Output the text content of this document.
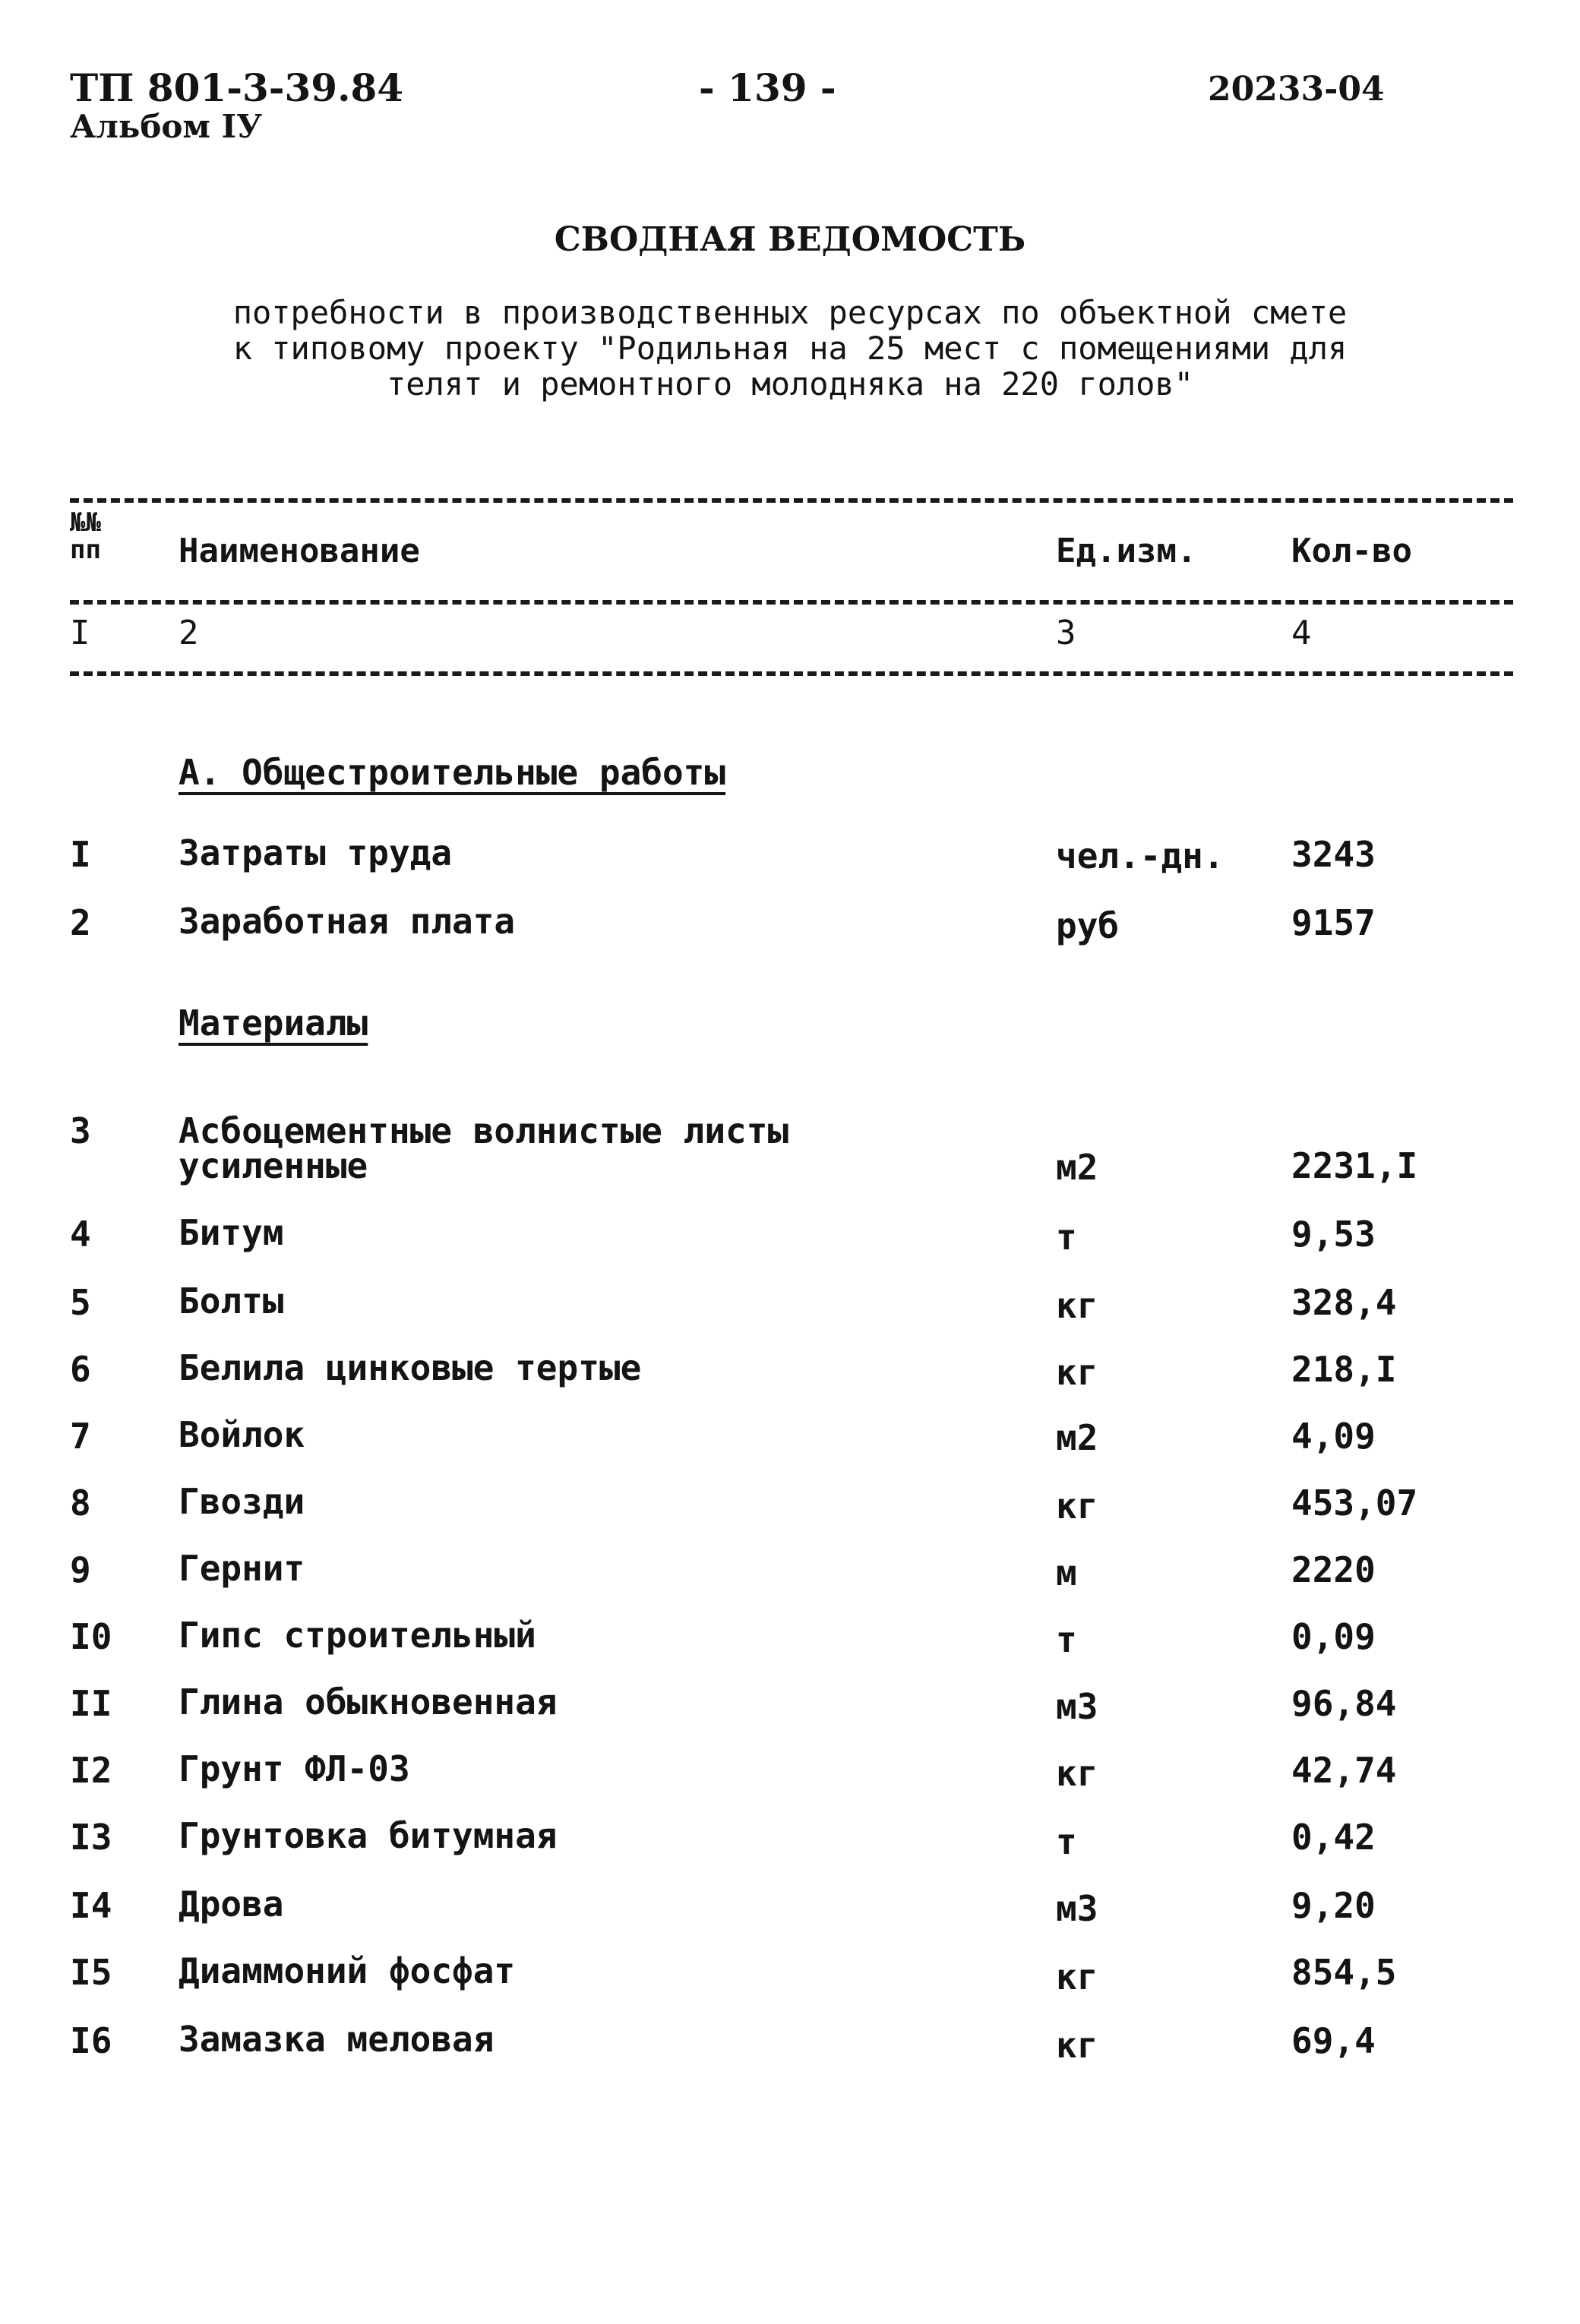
ТП 801-3-39.84
Альбом IУ
- 139 -	20233-04
СВОДНАЯ ВЕДОМОСТЬ
потребности в производственных ресурсах по объектной смете к типовому проекту "Родильная на 25 мест с помещениями для телят и ремонтного молодняка на 220 голов"
№№ пп	Наименование	Ед.изм.	Кол-во
I	2	3	4
А. Общестроительные работы
I	Затраты труда	чел.-дн. 3243
2	Заработная плата	руб	9157
Материалы
3	Асбоцементные волнистые листы
усиленные	м2	2231,I
4	Битум	т	9,53
5	Болты	кг	328,4
6	Белила цинковые тертые	кг	218,I
7	Войлок	м2	4,09
8	Гвозди	кг	453,07
9	Гернит	м	2220
I0 Гипс строительный	т	0,09
II Глина обыкновенная	м3	96,84
I2 Грунт ФЛ-03	кг	42,74
I3 Грунтовка битумная	т	0,42
I4 Дрова	м3	9,20
I5 Диаммоний фосфат	кг	854,5
I6 Замазка меловая	кг	69,4
